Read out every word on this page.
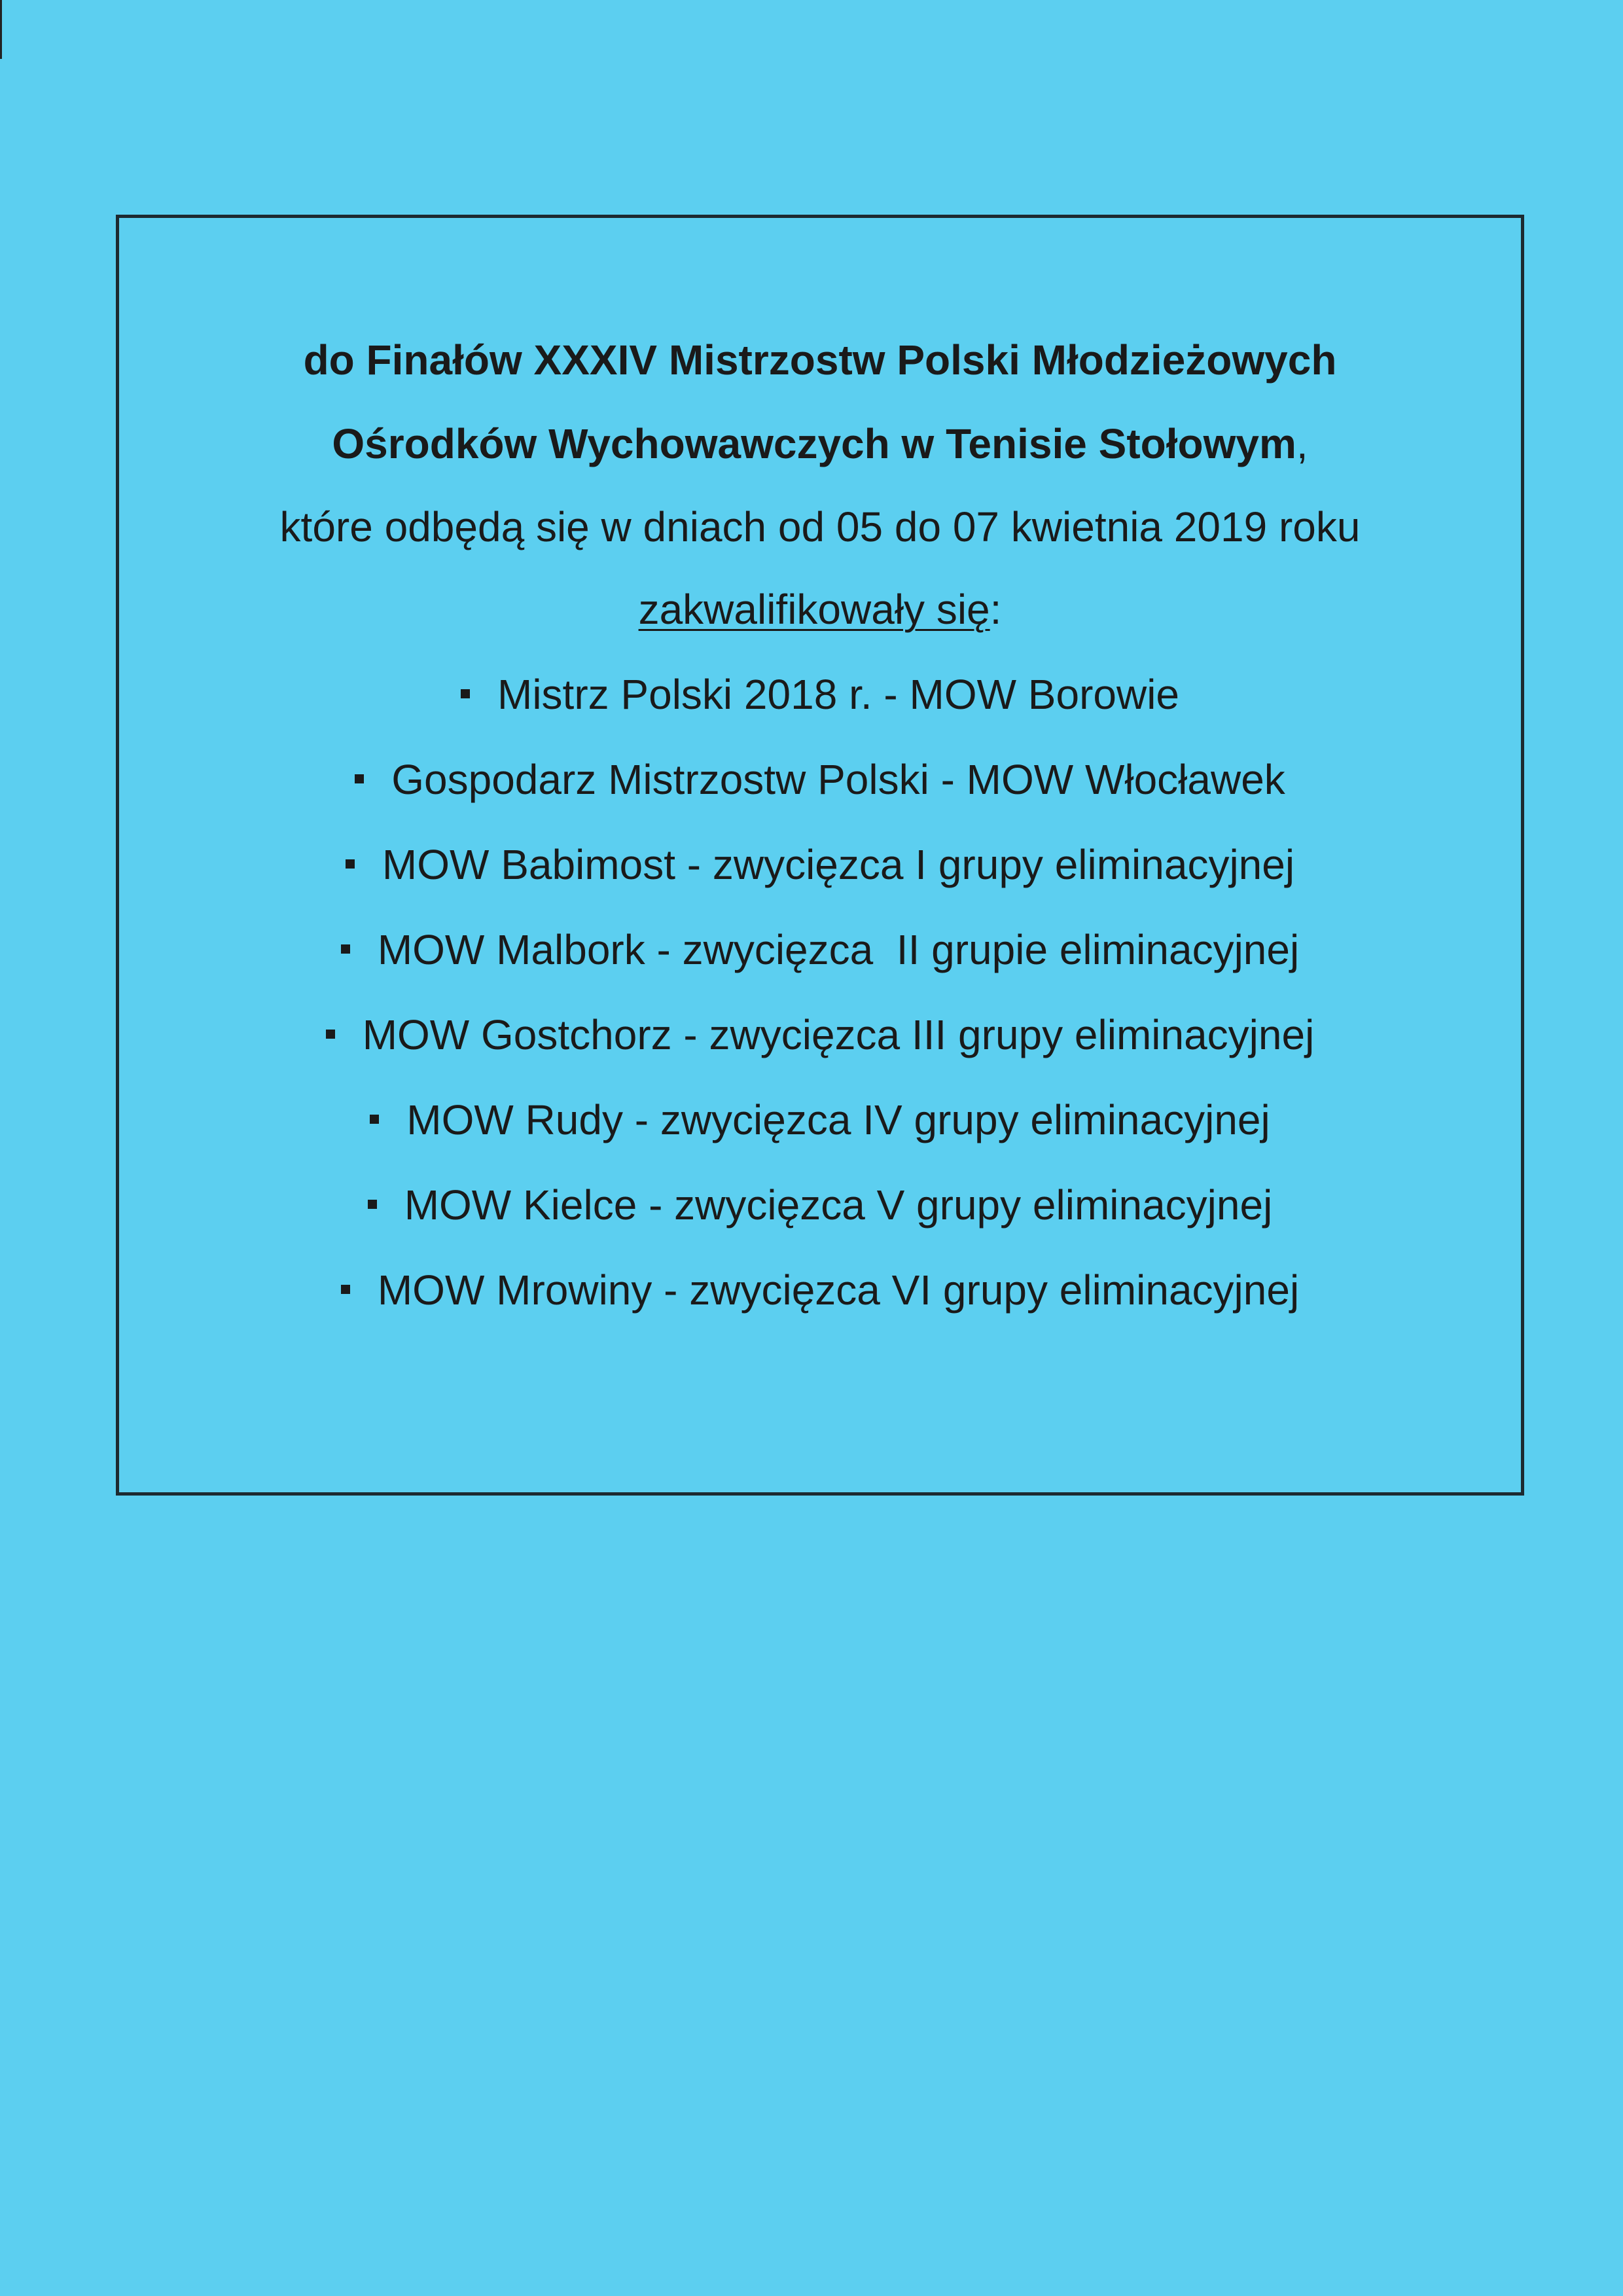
do Finałów XXXIV Mistrzostw Polski Młodzieżowych
Ośrodków Wychowawczych w Tenisie Stołowym,
które odbędą się w dniach od 05 do 07 kwietnia 2019 roku
zakwalifikowały się:
Mistrz Polski 2018 r. - MOW Borowie
Gospodarz Mistrzostw Polski - MOW Włocławek
MOW Babimost - zwycięzca I grupy eliminacyjnej
MOW Malbork - zwycięzca  II grupie eliminacyjnej
MOW Gostchorz - zwycięzca III grupy eliminacyjnej
MOW Rudy - zwycięzca IV grupy eliminacyjnej
MOW Kielce - zwycięzca V grupy eliminacyjnej
MOW Mrowiny - zwycięzca VI grupy eliminacyjnej
